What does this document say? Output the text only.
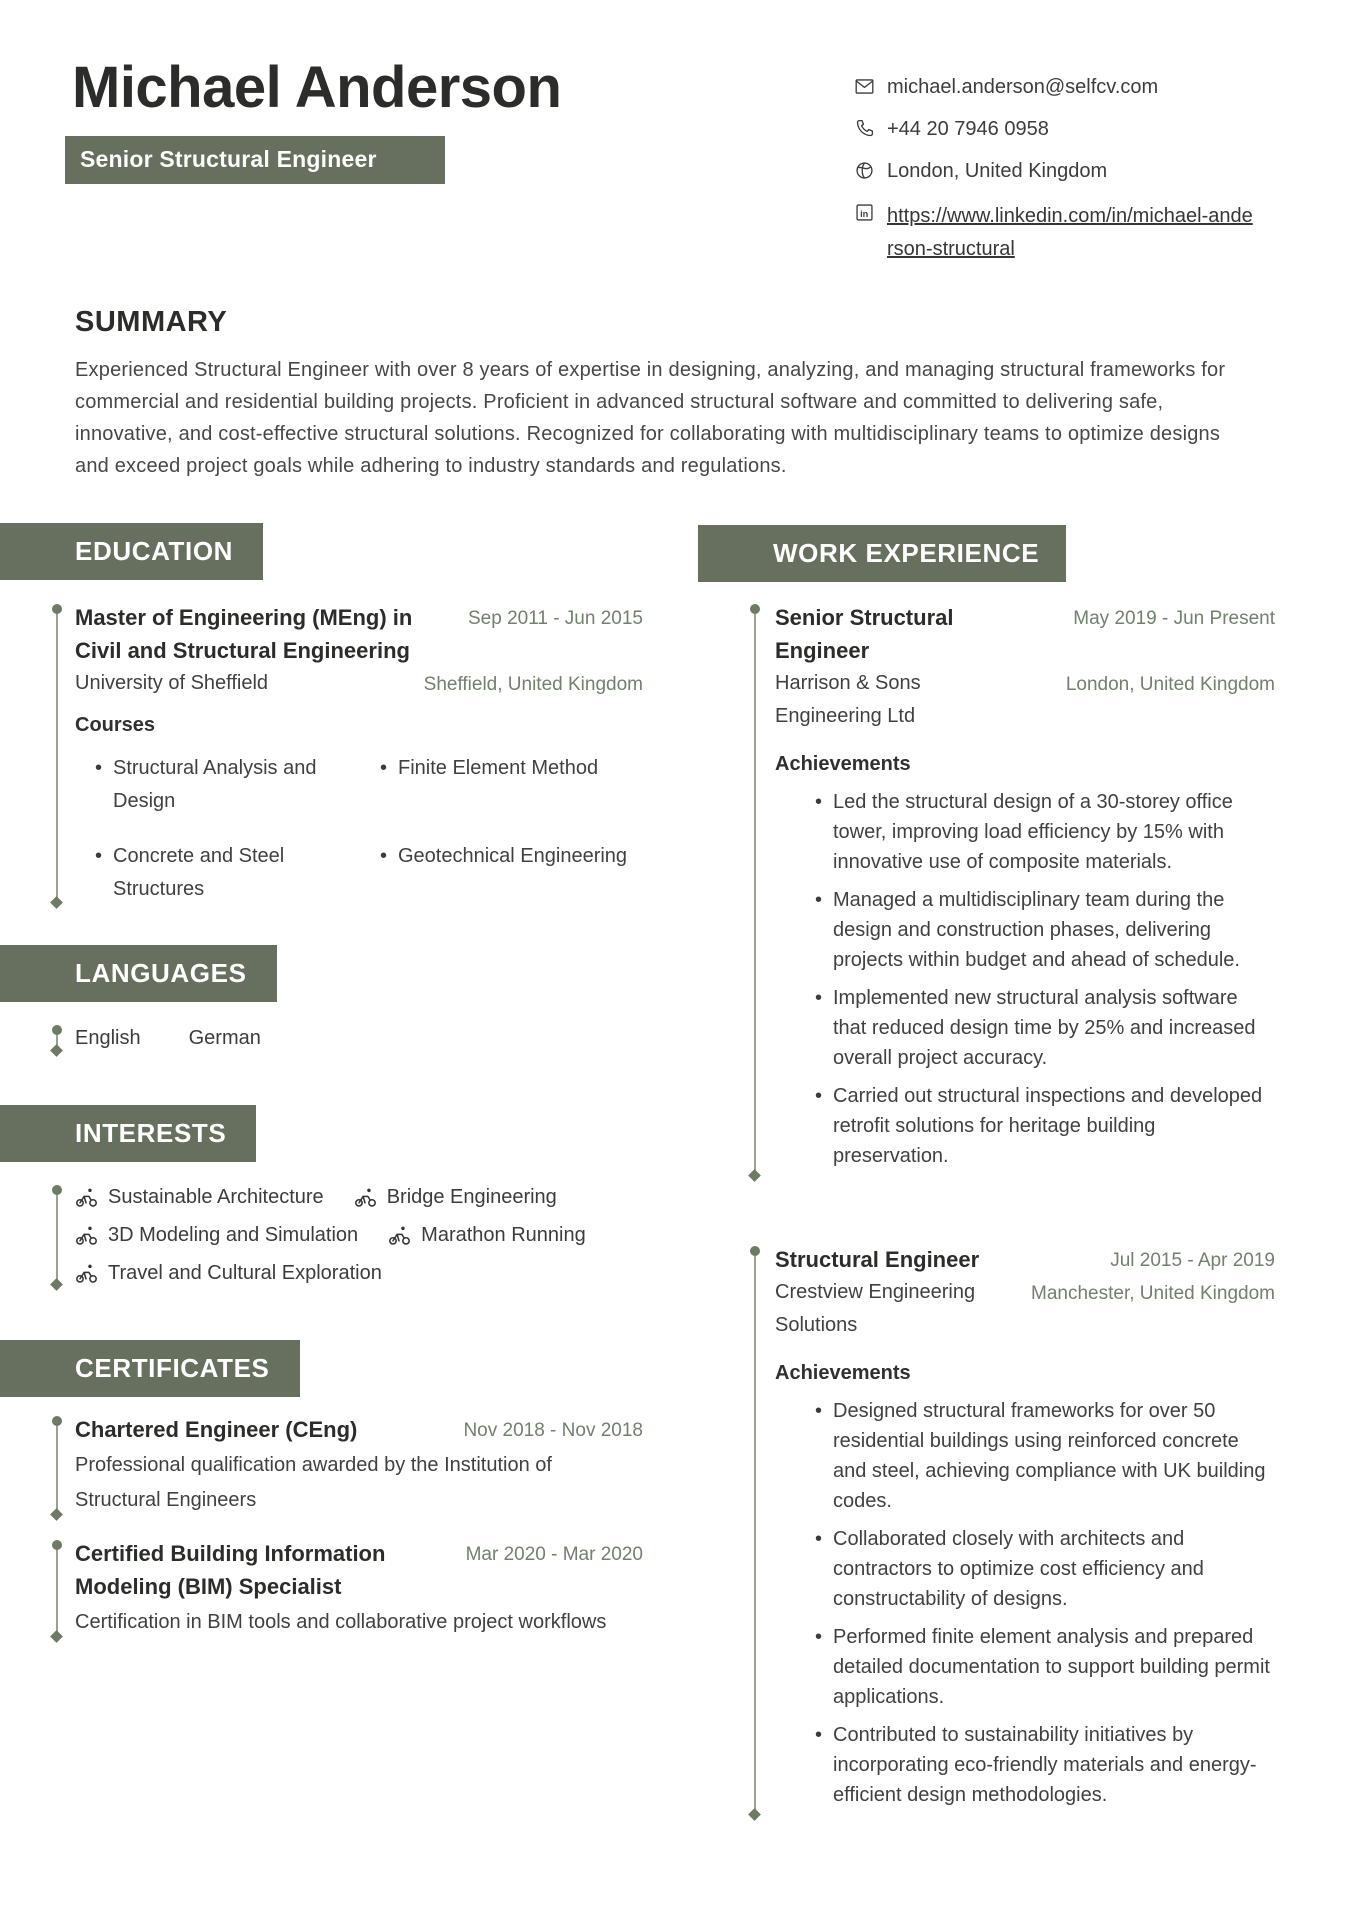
Michael Anderson
Senior Structural Engineer
michael.anderson@selfcv.com
+44 20 7946 0958
London, United Kingdom
in https://www.linkedin.com/in/michael-anderson-structural
SUMMARY

Experienced Structural Engineer with over 8 years of expertise in designing, analyzing, and managing structural frameworks for commercial and residential building projects. Proficient in advanced structural software and committed to delivering safe, innovative, and cost-effective structural solutions. Recognized for collaborating with multidisciplinary teams to optimize designs and exceed project goals while adhering to industry standards and regulations.

EDUCATION
Master of Engineering (MEng) in Civil and Structural Engineering
Sep 2011 - Jun 2015
University of Sheffield	Sheffield, United Kingdom
Courses
• Structural Analysis and Design
• Finite Element Method
• Concrete and Steel Structures
• Geotechnical Engineering
LANGUAGES
English German
INTERESTS
Sustainable Architecture	Bridge Engineering
3D Modeling and Simulation	Marathon Running
Travel and Cultural Exploration
CERTIFICATES
Chartered Engineer (CEng)	Nov 2018 - Nov 2018

Professional qualification awarded by the Institution of Structural Engineers

Certified Building Information Modeling (BIM) Specialist
Mar 2020 - Mar 2020

Certification in BIM tools and collaborative project workflows

WORK EXPERIENCE
Senior Structural Engineer
May 2019 - Jun Present
Harrison & Sons Engineering Ltd
London, United Kingdom
Achievements
• Led the structural design of a 30-storey office tower, improving load efficiency by 15% with innovative use of composite materials.
• Managed a multidisciplinary team during the design and construction phases, delivering projects within budget and ahead of schedule.
• Implemented new structural analysis software that reduced design time by 25% and increased overall project accuracy.
• Carried out structural inspections and developed retrofit solutions for heritage building preservation.
Structural Engineer	Jul 2015 - Apr 2019
Crestview Engineering Solutions
Manchester, United Kingdom
Achievements
• Designed structural frameworks for over 50 residential buildings using reinforced concrete and steel, achieving compliance with UK building codes.
• Collaborated closely with architects and contractors to optimize cost efficiency and constructability of designs.
• Performed finite element analysis and prepared detailed documentation to support building permit applications.
• Contributed to sustainability initiatives by incorporating eco-friendly materials and energy-efficient design methodologies.
